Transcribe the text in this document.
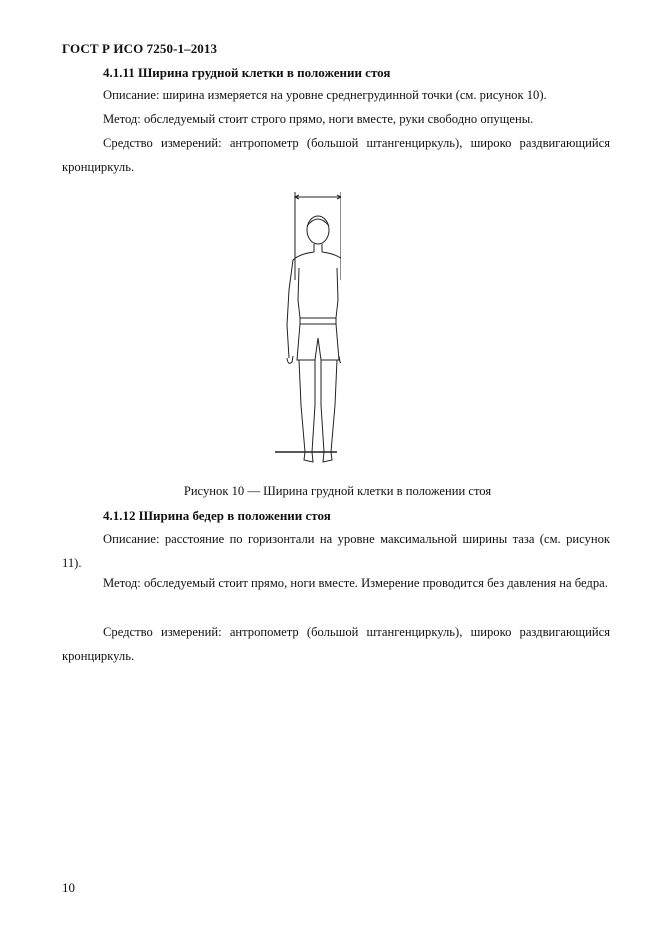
ГОСТ Р ИСО 7250-1–2013
4.1.11 Ширина грудной клетки в положении стоя
Описание: ширина измеряется на уровне среднегрудинной точки (см. рисунок 10).
Метод: обследуемый стоит строго прямо, ноги вместе, руки свободно опущены.
Средство измерений: антропометр (большой штангенциркуль), широко раздвигающийся кронциркуль.
Рисунок 10 — Ширина грудной клетки в положении стоя
4.1.12 Ширина бедер в положении стоя
Описание: расстояние по горизонтали на уровне максимальной ширины таза (см. рисунок 11).
Метод: обследуемый стоит прямо, ноги вместе. Измерение проводится без давления на бедра.
Средство измерений: антропометр (большой штангенциркуль), широко раздвигающийся кронциркуль.
10
